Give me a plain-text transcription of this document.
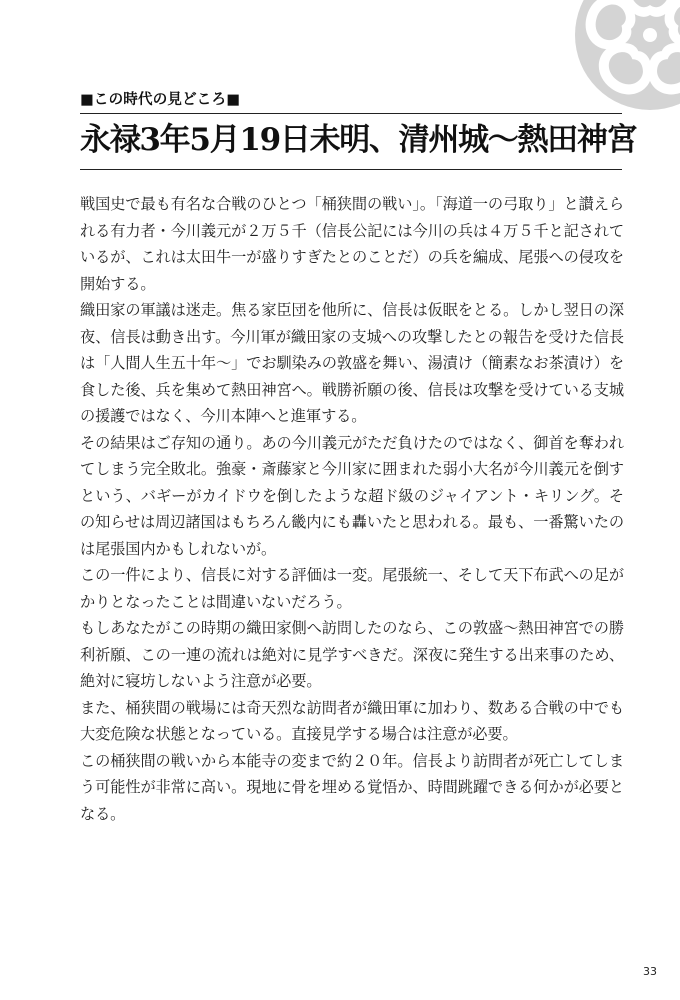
■この時代の見どころ■
永禄3年5月19日未明、清州城〜熱田神宮

戦国史で最も有名な合戦のひとつ「桶狭間の戦い」。「海道一の弓取り」と讃えられる有力者・今川義元が２万５千（信長公記には今川の兵は４万５千と記されているが、これは太田牛一が盛りすぎたとのことだ）の兵を編成、尾張への侵攻を開始する。

織田家の軍議は迷走。焦る家臣団を他所に、信長は仮眠をとる。しかし翌日の深夜、信長は動き出す。今川軍が織田家の支城への攻撃したとの報告を受けた信長は「人間人生五十年〜」でお馴染みの敦盛を舞い、湯漬け（簡素なお茶漬け）を食した後、兵を集めて熱田神宮へ。戦勝祈願の後、信長は攻撃を受けている支城の援護ではなく、今川本陣へと進軍する。

その結果はご存知の通り。あの今川義元がただ負けたのではなく、御首を奪われてしまう完全敗北。強豪・斎藤家と今川家に囲まれた弱小大名が今川義元を倒すという、バギーがカイドウを倒したような超ド級のジャイアント・キリング。その知らせは周辺諸国はもちろん畿内にも轟いたと思われる。最も、一番驚いたのは尾張国内かもしれないが。

この一件により、信長に対する評価は一変。尾張統一、そして天下布武への足がかりとなったことは間違いないだろう。

もしあなたがこの時期の織田家側へ訪問したのなら、この敦盛〜熱田神宮での勝利祈願、この一連の流れは絶対に見学すべきだ。深夜に発生する出来事のため、絶対に寝坊しないよう注意が必要。

また、桶狭間の戦場には奇天烈な訪問者が織田軍に加わり、数ある合戦の中でも大変危険な状態となっている。直接見学する場合は注意が必要。

この桶狭間の戦いから本能寺の変まで約２０年。信長より訪問者が死亡してしまう可能性が非常に高い。現地に骨を埋める覚悟か、時間跳躍できる何かが必要となる。

33
